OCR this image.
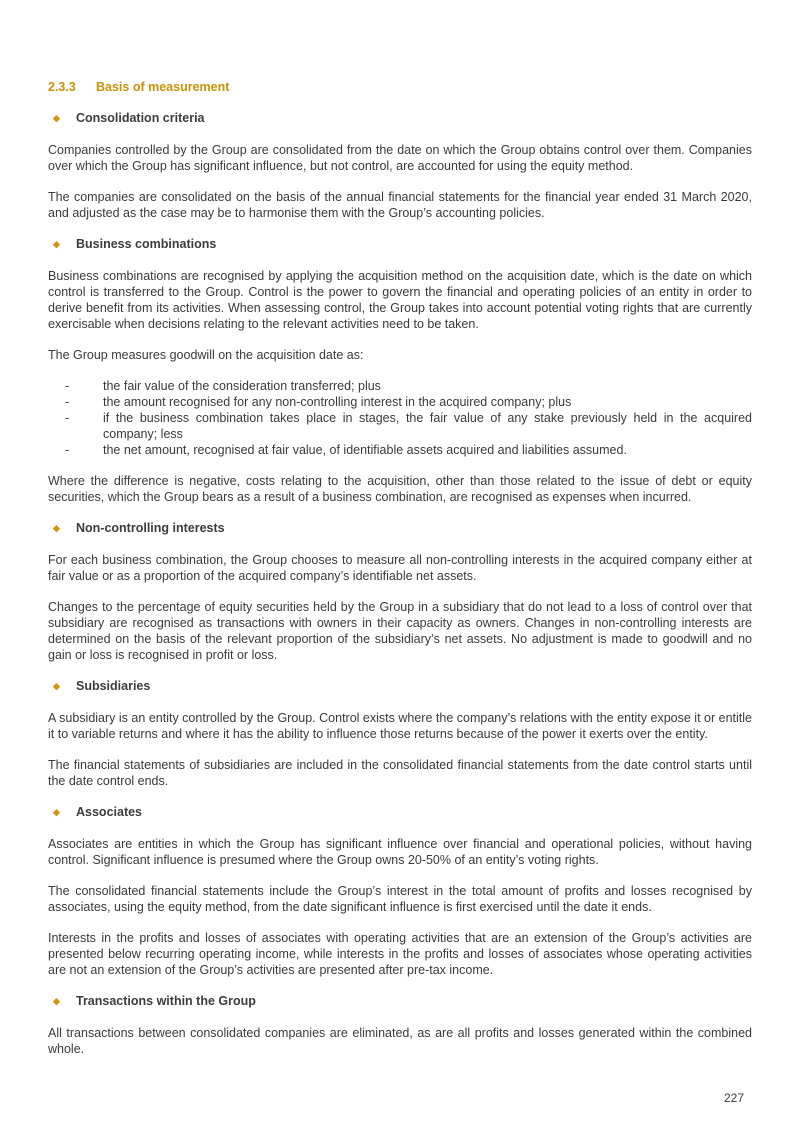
2.3.3 Basis of measurement
◆ Consolidation criteria

Companies controlled by the Group are consolidated from the date on which the Group obtains control over them. Companies over which the Group has significant influence, but not control, are accounted for using the equity method.

The companies are consolidated on the basis of the annual financial statements for the financial year ended 31 March 2020, and adjusted as the case may be to harmonise them with the Group’s accounting policies.

◆ Business combinations

Business combinations are recognised by applying the acquisition method on the acquisition date, which is the date on which control is transferred to the Group. Control is the power to govern the financial and operating policies of an entity in order to derive benefit from its activities. When assessing control, the Group takes into account potential voting rights that are currently exercisable when decisions relating to the relevant activities need to be taken.

The Group measures goodwill on the acquisition date as:

-	the fair value of the consideration transferred; plus
-	the amount recognised for any non-controlling interest in the acquired company; plus
-	if the business combination takes place in stages, the fair value of any stake previously held in the acquired company; less
-	the net amount, recognised at fair value, of identifiable assets acquired and liabilities assumed.

Where the difference is negative, costs relating to the acquisition, other than those related to the issue of debt or equity securities, which the Group bears as a result of a business combination, are recognised as expenses when incurred.

◆ Non-controlling interests

For each business combination, the Group chooses to measure all non-controlling interests in the acquired company either at fair value or as a proportion of the acquired company’s identifiable net assets.

Changes to the percentage of equity securities held by the Group in a subsidiary that do not lead to a loss of control over that subsidiary are recognised as transactions with owners in their capacity as owners. Changes in non-controlling interests are determined on the basis of the relevant proportion of the subsidiary’s net assets. No adjustment is made to goodwill and no gain or loss is recognised in profit or loss.

◆ Subsidiaries

A subsidiary is an entity controlled by the Group. Control exists where the company’s relations with the entity expose it or entitle it to variable returns and where it has the ability to influence those returns because of the power it exerts over the entity.

The financial statements of subsidiaries are included in the consolidated financial statements from the date control starts until the date control ends.

◆ Associates

Associates are entities in which the Group has significant influence over financial and operational policies, without having control. Significant influence is presumed where the Group owns 20-50% of an entity’s voting rights.

The consolidated financial statements include the Group’s interest in the total amount of profits and losses recognised by associates, using the equity method, from the date significant influence is first exercised until the date it ends.

Interests in the profits and losses of associates with operating activities that are an extension of the Group’s activities are presented below recurring operating income, while interests in the profits and losses of associates whose operating activities are not an extension of the Group’s activities are presented after pre-tax income.

◆ Transactions within the Group

All transactions between consolidated companies are eliminated, as are all profits and losses generated within the combined whole.

227
